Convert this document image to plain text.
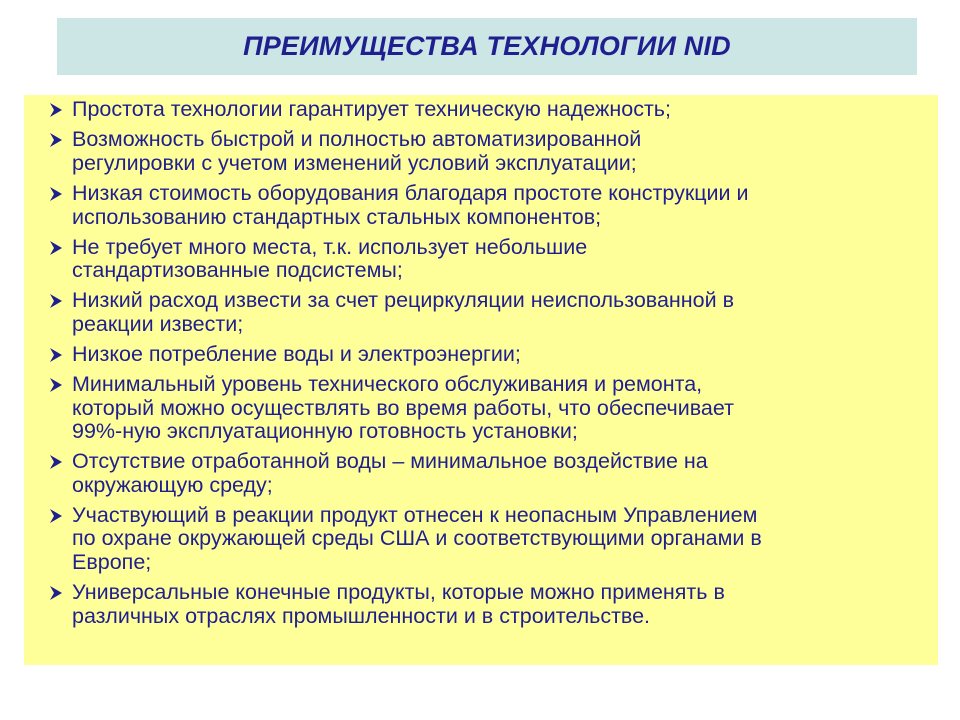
ПРЕИМУЩЕСТВА ТЕХНОЛОГИИ NID
Простота технологии гарантирует техническую надежность;
Возможность быстрой и полностью автоматизированной
регулировки с учетом изменений условий эксплуатации;
Низкая стоимость оборудования благодаря простоте конструкции и
использованию стандартных стальных компонентов;
Не требует много места, т.к. использует небольшие
стандартизованные подсистемы;
Низкий расход извести за счет рециркуляции неиспользованной в
реакции извести;
Низкое потребление воды и электроэнергии;
Минимальный уровень технического обслуживания и ремонта,
который можно осуществлять во время работы, что обеспечивает
99%-ную эксплуатационную готовность установки;
Отсутствие отработанной воды – минимальное воздействие на
окружающую среду;
Участвующий в реакции продукт отнесен к неопасным Управлением
по охране окружающей среды США и соответствующими органами в
Европе;
Универсальные конечные продукты, которые можно применять в
различных отраслях промышленности и в строительстве.
